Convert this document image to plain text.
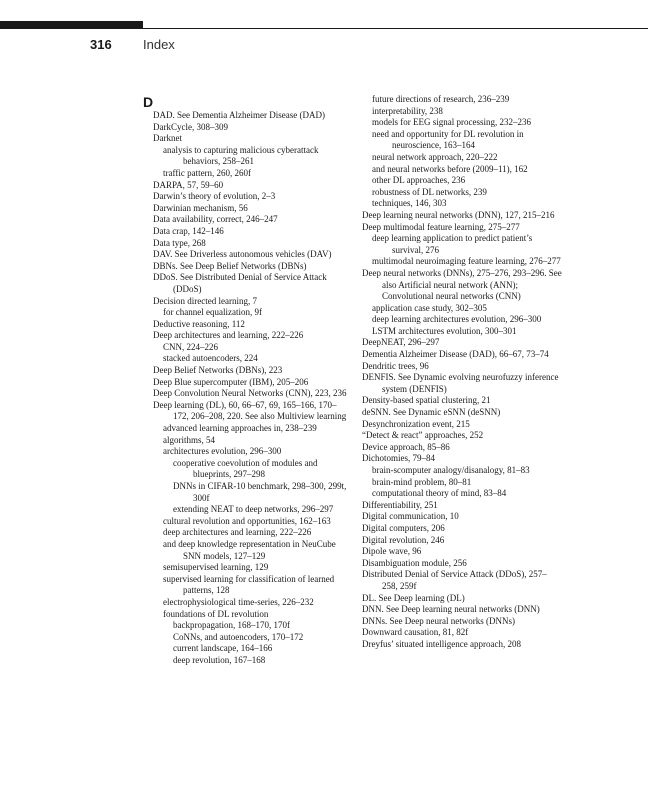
316 Index
D

DAD. See Dementia Alzheimer Disease (DAD)

DarkCycle, 308–309

Darknet

analysis to capturing malicious cyberattack behaviors, 258–261

traffic pattern, 260, 260f

DARPA, 57, 59–60

Darwin’s theory of evolution, 2–3

Darwinian mechanism, 56

Data availability, correct, 246–247

Data crap, 142–146

Data type, 268

DAV. See Driverless autonomous vehicles (DAV)

DBNs. See Deep Belief Networks (DBNs)

DDoS. See Distributed Denial of Service Attack (DDoS)

Decision directed learning, 7

for channel equalization, 9f

Deductive reasoning, 112

Deep architectures and learning, 222–226

CNN, 224–226

stacked autoencoders, 224

Deep Belief Networks (DBNs), 223

Deep Blue supercomputer (IBM), 205–206

Deep Convolution Neural Networks (CNN), 223, 236

Deep learning (DL), 60, 66–67, 69, 165–166, 170–172, 206–208, 220. See also Multiview learning

advanced learning approaches in, 238–239

algorithms, 54

architectures evolution, 296–300

cooperative coevolution of modules and blueprints, 297–298

DNNs in CIFAR-10 benchmark, 298–300, 299t, 300f

extending NEAT to deep networks, 296–297

cultural revolution and opportunities, 162–163

deep architectures and learning, 222–226

and deep knowledge representation in NeuCube SNN models, 127–129

semisupervised learning, 129

supervised learning for classification of learned patterns, 128

electrophysiological time-series, 226–232

foundations of DL revolution

backpropagation, 168–170, 170f

CoNNs, and autoencoders, 170–172

current landscape, 164–166

deep revolution, 167–168

future directions of research, 236–239

interpretability, 238

models for EEG signal processing, 232–236

need and opportunity for DL revolution in neuroscience, 163–164

neural network approach, 220–222

and neural networks before (2009–11), 162

other DL approaches, 236

robustness of DL networks, 239

techniques, 146, 303

Deep learning neural networks (DNN), 127, 215–216

Deep multimodal feature learning, 275–277

deep learning application to predict patient’s survival, 276

multimodal neuroimaging feature learning, 276–277

Deep neural networks (DNNs), 275–276, 293–296. See also Artificial neural network (ANN); Convolutional neural networks (CNN)

application case study, 302–305

deep learning architectures evolution, 296–300

LSTM architectures evolution, 300–301

DeepNEAT, 296–297

Dementia Alzheimer Disease (DAD), 66–67, 73–74

Dendritic trees, 96

DENFIS. See Dynamic evolving neurofuzzy inference system (DENFIS)

Density-based spatial clustering, 21

deSNN. See Dynamic eSNN (deSNN)

Desynchronization event, 215

“Detect & react” approaches, 252

Device approach, 85–86

Dichotomies, 79–84

brain-scomputer analogy/disanalogy, 81–83

brain-mind problem, 80–81

computational theory of mind, 83–84

Differentiability, 251

Digital communication, 10

Digital computers, 206

Digital revolution, 246

Dipole wave, 96

Disambiguation module, 256

Distributed Denial of Service Attack (DDoS), 257–258, 259f

DL. See Deep learning (DL)

DNN. See Deep learning neural networks (DNN)

DNNs. See Deep neural networks (DNNs)

Downward causation, 81, 82f

Dreyfus’ situated intelligence approach, 208
